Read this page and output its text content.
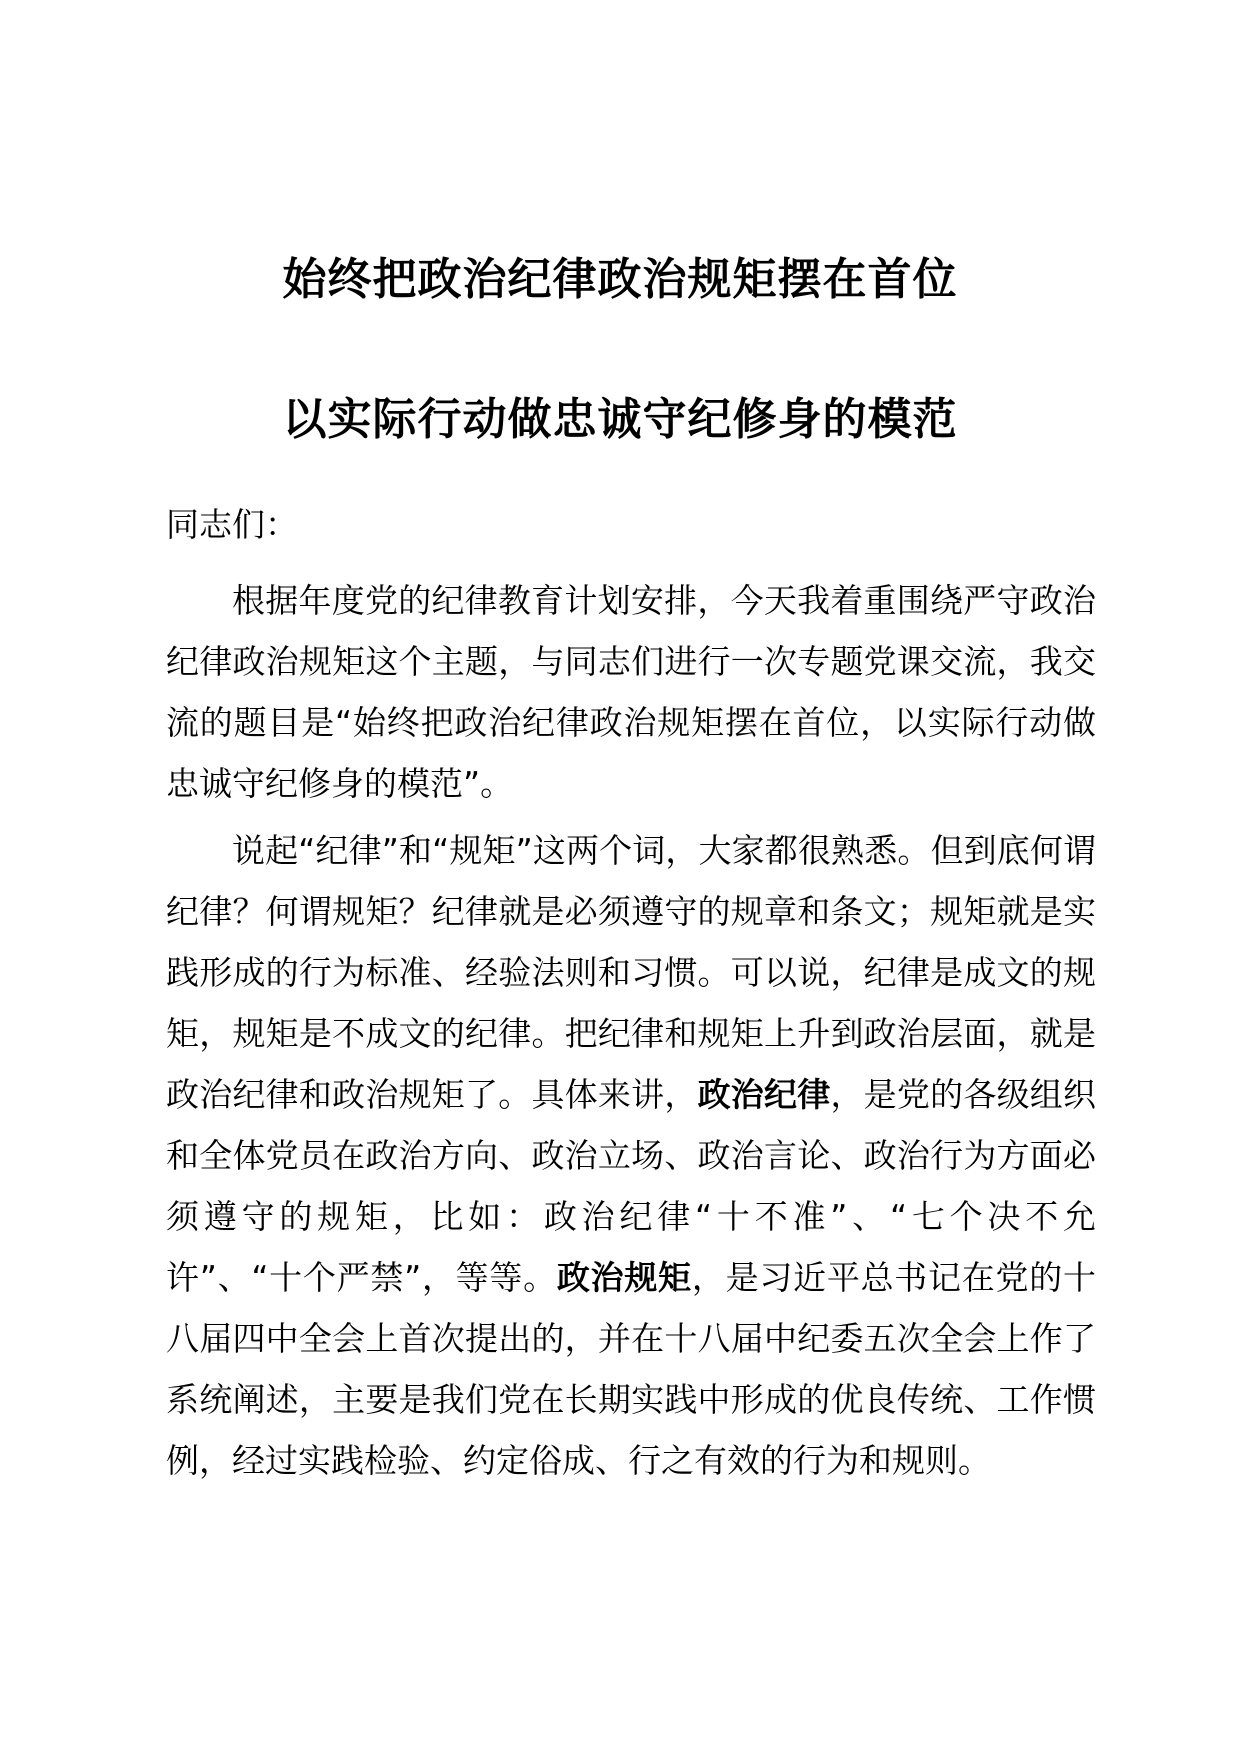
始终把政治纪律政治规矩摆在首位
以实际行动做忠诚守纪修身的模范
同志们：
根据年度党的纪律教育计划安排，今天我着重围绕严守政治纪律政治规矩这个主题，与同志们进行一次专题党课交流，我交流的题目是“始终把政治纪律政治规矩摆在首位，以实际行动做忠诚守纪修身的模范”。
说起“纪律”和“规矩”这两个词，大家都很熟悉。但到底何谓纪律？何谓规矩？纪律就是必须遵守的规章和条文；规矩就是实践形成的行为标准、经验法则和习惯。可以说，纪律是成文的规矩，规矩是不成文的纪律。把纪律和规矩上升到政治层面，就是政治纪律和政治规矩了。具体来讲，政治纪律，是党的各级组织和全体党员在政治方向、政治立场、政治言论、政治行为方面必须遵守的规矩，比如：政治纪律“十不准”、“七个决不允许”、“十个严禁”，等等。政治规矩，是习近平总书记在党的十八届四中全会上首次提出的，并在十八届中纪委五次全会上作了系统阐述，主要是我们党在长期实践中形成的优良传统、工作惯例，经过实践检验、约定俗成、行之有效的行为和规则。
